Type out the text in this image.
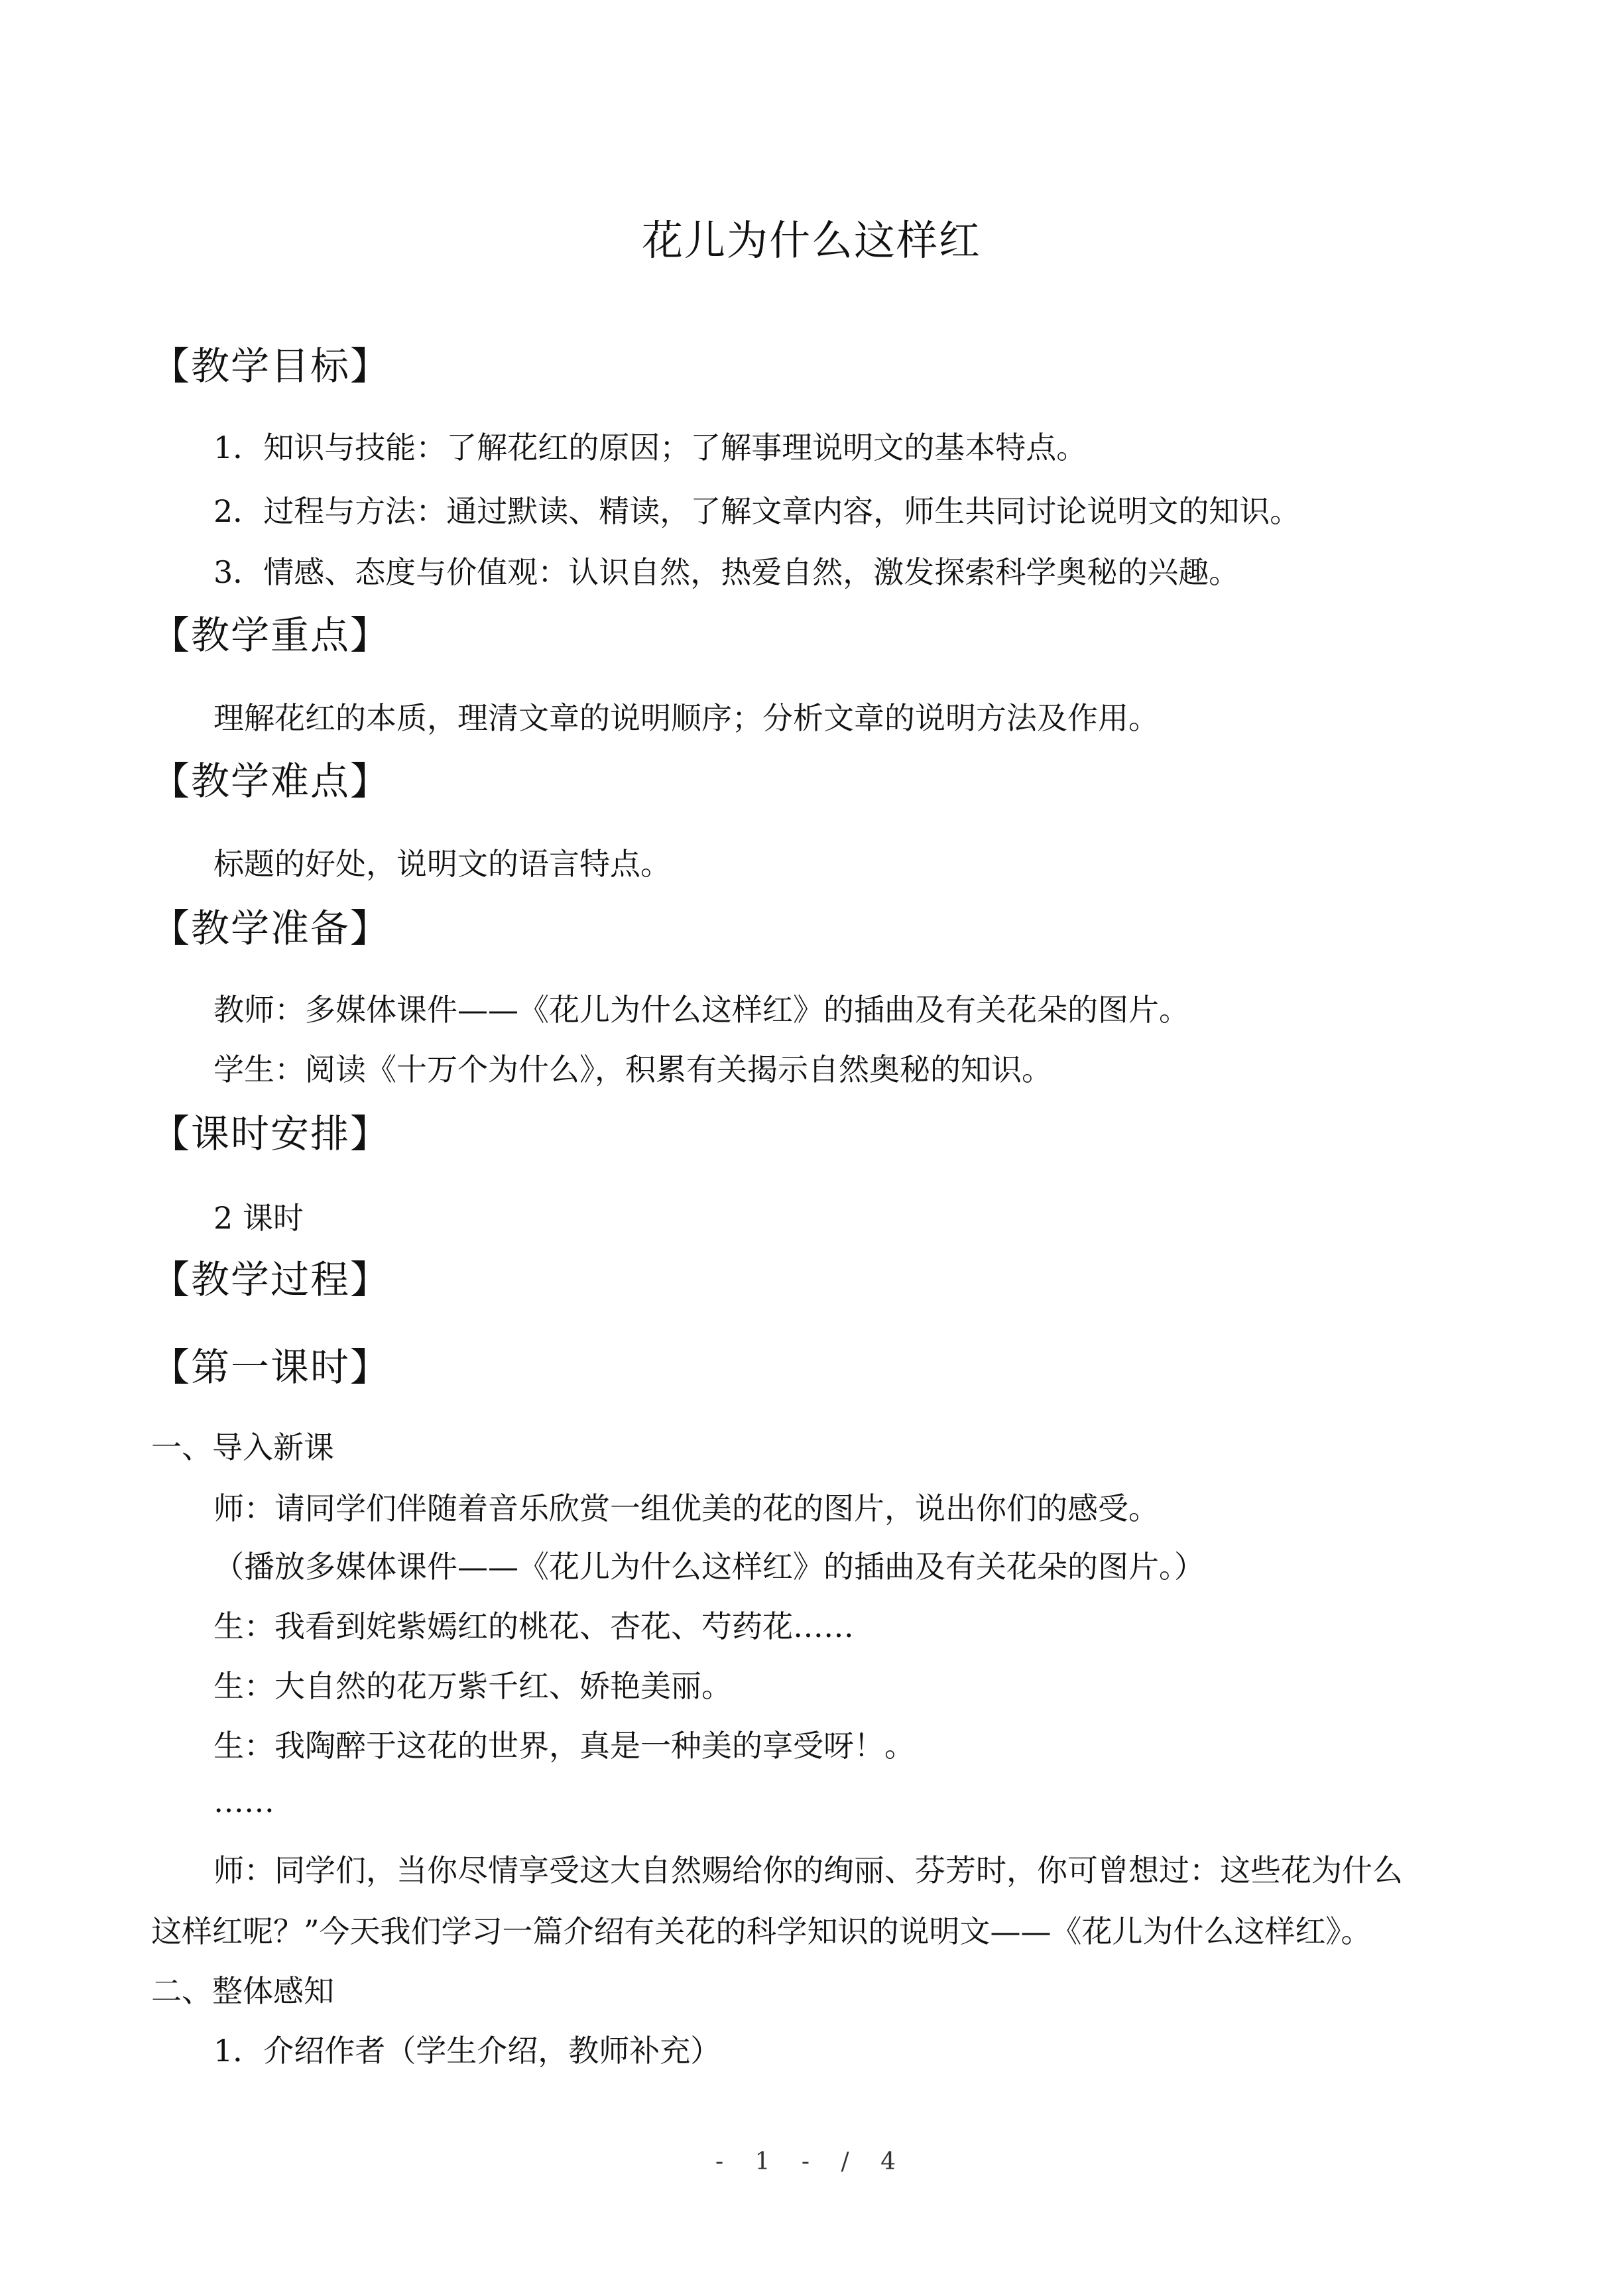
花儿为什么这样红
【教学目标】
1．知识与技能：了解花红的原因；了解事理说明文的基本特点。
2．过程与方法：通过默读、精读，了解文章内容，师生共同讨论说明文的知识。
3．情感、态度与价值观：认识自然，热爱自然，激发探索科学奥秘的兴趣。
【教学重点】
理解花红的本质，理清文章的说明顺序；分析文章的说明方法及作用。
【教学难点】
标题的好处，说明文的语言特点。
【教学准备】
教师：多媒体课件——《花儿为什么这样红》的插曲及有关花朵的图片。
学生：阅读《十万个为什么》，积累有关揭示自然奥秘的知识。
【课时安排】
2 课时
【教学过程】
【第一课时】
一、导入新课
师：请同学们伴随着音乐欣赏一组优美的花的图片，说出你们的感受。
（播放多媒体课件——《花儿为什么这样红》的插曲及有关花朵的图片。）
生：我看到姹紫嫣红的桃花、杏花、芍药花……
生：大自然的花万紫千红、娇艳美丽。
生：我陶醉于这花的世界，真是一种美的享受呀！。
……
师：同学们，当你尽情享受这大自然赐给你的绚丽、芬芳时，你可曾想过：这些花为什么
这样红呢？”今天我们学习一篇介绍有关花的科学知识的说明文——《花儿为什么这样红》。
二、整体感知
1．介绍作者（学生介绍，教师补充）
- 1 - / 4
